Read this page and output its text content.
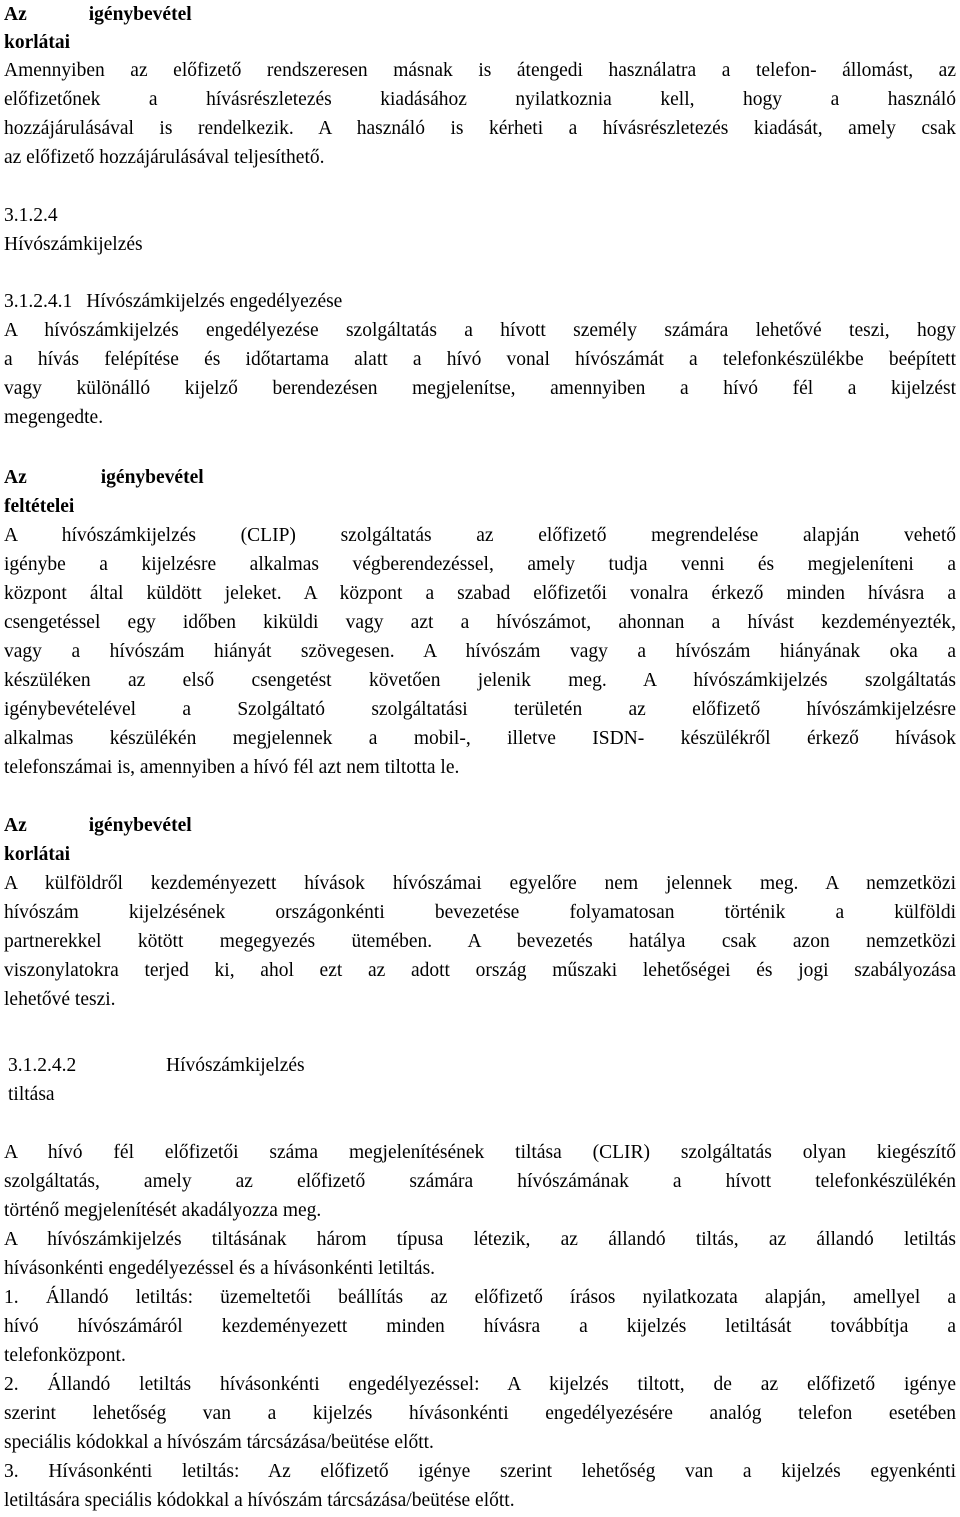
Az	igénybevétel
korlátai
Amennyiben az előfizető rendszeresen másnak is átengedi használatra a telefon- állomást, az
előfizetőnek a hívásrészletezés kiadásához nyilatkoznia kell, hogy a használó
hozzájárulásával is rendelkezik. A használó is kérheti a hívásrészletezés kiadását, amely csak
az előfizető hozzájárulásával teljesíthető.
3.1.2.4
Hívószámkijelzés
3.1.2.4.1 Hívószámkijelzés engedélyezése
A hívószámkijelzés engedélyezése szolgáltatás a hívott személy számára lehetővé teszi, hogy
a hívás felépítése és időtartama alatt a hívó vonal hívószámát a telefonkészülékbe beépített
vagy különálló kijelző berendezésen megjelenítse, amennyiben a hívó fél a kijelzést
megengedte.
Az	igénybevétel
feltételei
A hívószámkijelzés (CLIP) szolgáltatás az előfizető megrendelése alapján vehető
igénybe a kijelzésre alkalmas végberendezéssel, amely tudja venni és megjeleníteni a
központ által küldött jeleket. A központ a szabad előfizetői vonalra érkező minden hívásra a
csengetéssel egy időben kiküldi vagy azt a hívószámot, ahonnan a hívást kezdeményezték,
vagy a hívószám hiányát szövegesen. A hívószám vagy a hívószám hiányának oka a
készüléken az első csengetést követően jelenik meg. A hívószámkijelzés szolgáltatás
igénybevételével a Szolgáltató szolgáltatási területén az előfizető hívószámkijelzésre
alkalmas készülékén megjelennek a mobil-, illetve ISDN- készülékről érkező hívások
telefonszámai is, amennyiben a hívó fél azt nem tiltotta le.
Az	igénybevétel
korlátai
A külföldről kezdeményezett hívások hívószámai egyelőre nem jelennek meg. A nemzetközi
hívószám kijelzésének országonkénti bevezetése folyamatosan történik a külföldi
partnerekkel kötött megegyezés ütemében. A bevezetés hatálya csak azon nemzetközi
viszonylatokra terjed ki, ahol ezt az adott ország műszaki lehetőségei és jogi szabályozása
lehetővé teszi.
3.1.2.4.2	Hívószámkijelzés
tiltása
A hívó fél előfizetői száma megjelenítésének tiltása (CLIR) szolgáltatás olyan kiegészítő
szolgáltatás, amely az előfizető számára hívószámának a hívott telefonkészülékén
történő megjelenítését akadályozza meg.
A hívószámkijelzés tiltásának három típusa létezik, az állandó tiltás, az állandó letiltás
hívásonkénti engedélyezéssel és a hívásonkénti letiltás.
1. Állandó letiltás: üzemeltetői beállítás az előfizető írásos nyilatkozata alapján, amellyel a
hívó hívószámáról kezdeményezett minden hívásra a kijelzés letiltását továbbítja a
telefonközpont.
2. Állandó letiltás hívásonkénti engedélyezéssel: A kijelzés tiltott, de az előfizető igénye
szerint lehetőség van a kijelzés hívásonkénti engedélyezésére analóg telefon esetében
speciális kódokkal a hívószám tárcsázása/beütése előtt.
3. Hívásonkénti letiltás: Az előfizető igénye szerint lehetőség van a kijelzés egyenkénti
letiltására speciális kódokkal a hívószám tárcsázása/beütése előtt.
